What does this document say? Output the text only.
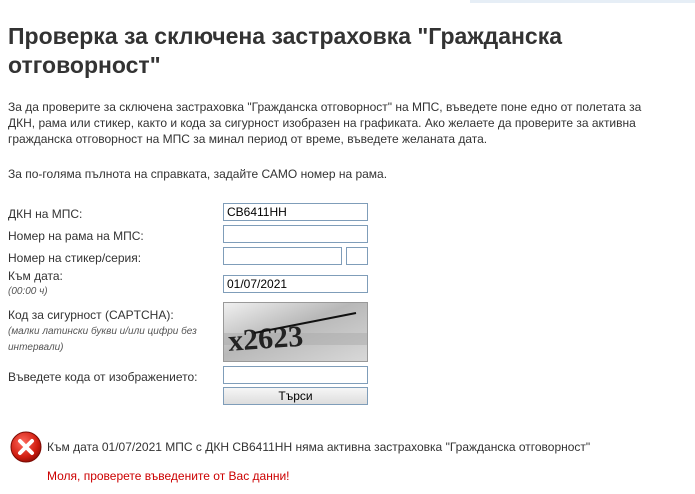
Проверка за сключена застраховка "Гражданска отговорност"
За да проверите за сключена застраховка "Гражданска отговорност" на МПС, въведете поне едно от полетата за
ДКН, рама или стикер, както и кода за сигурност изобразен на графиката. Ако желаете да проверите за активна
гражданска отговорност на МПС за минал период от време, въведете желаната дата.
За по-голяма пълнота на справката, задайте САМО номер на рама.
ДКН на МПС:
CB6411HH
Номер на рама на МПС:
Номер на стикер/серия:
Към дата:
(00:00 ч)
01/07/2021
Код за сигурност (CAPTCHA):
(малки латински букви и/или цифри без
интервали)	x2623
Въведете кода от изображението:
Търси
Към дата 01/07/2021 МПС с ДКН CB6411HH няма активна застраховка "Гражданска отговорност"
Моля, проверете въведените от Вас данни!
